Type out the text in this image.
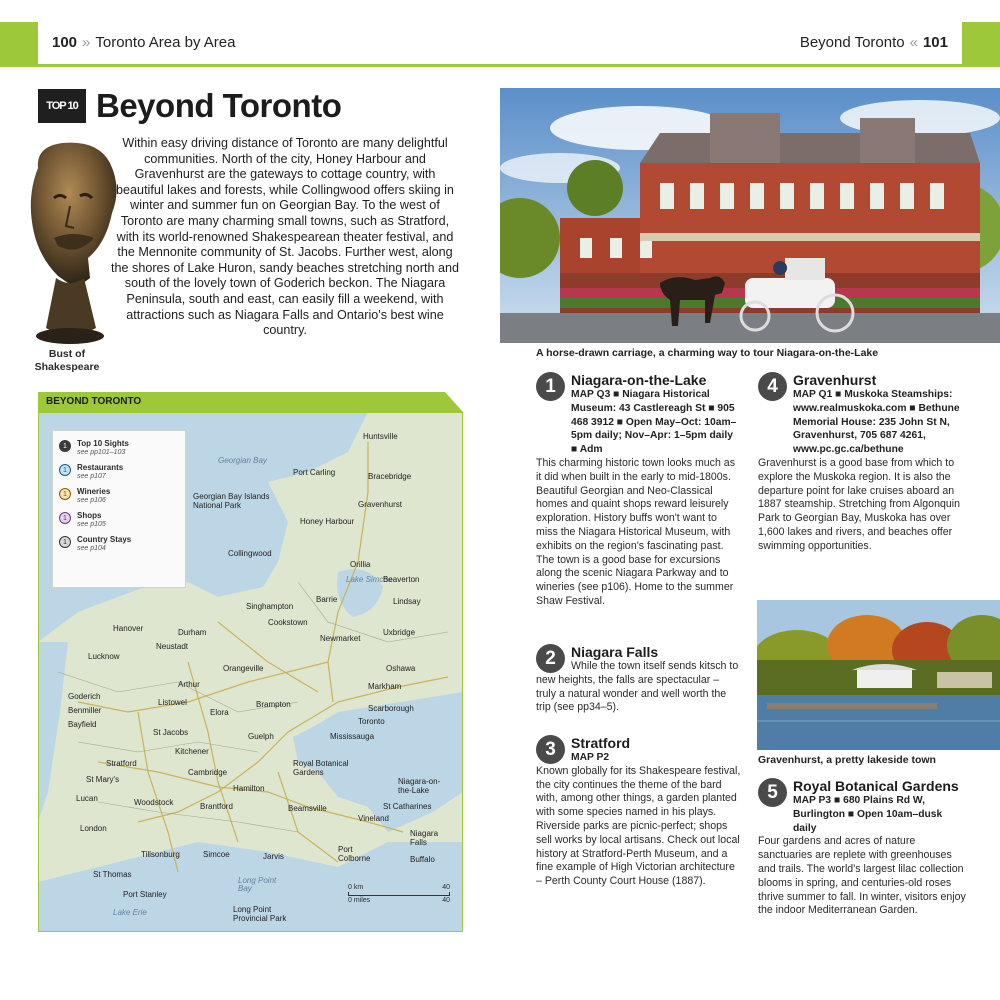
100 » Toronto Area by Area	Beyond Toronto « 101
TOP 10 Beyond Toronto
Bust of Shakespeare

Within easy driving distance of Toronto are many delightful communities. North of the city, Honey Harbour and Gravenhurst are the gateways to cottage country, with beautiful lakes and forests, while Collingwood offers skiing in winter and summer fun on Georgian Bay. To the west of Toronto are many charming small towns, such as Stratford, with its world-renowned Shakespearean theater festival, and the Mennonite community of St. Jacobs. Further west, along the shores of Lake Huron, sandy beaches stretching north and south of the lovely town of Goderich beckon. The Niagara Peninsula, south and east, can easily fill a weekend, with attractions such as Niagara Falls and Ontario's best wine country.

BEYOND TORONTO
Huntsville
Georgian Bay
Port Carling	Bracebridge
Georgian Bay Islands National Park	Gravenhurst
Honey Harbour
Collingwood
Orillia
Lake Simcoe
Beaverton
Singhampton
Barrie	Lindsay
Cookstown
Hanover	Durham
Newmarket
Uxbridge
Lucknow
Neustadt
Orangeville	Oshawa
Arthur	Markham
Goderich
Listowel
Elora
Brampton	Scarborough
Benmiller
Bayfield
St Jacobs
Toronto
Mississauga
Kitchener
Guelph
Stratford	Royal Botanical Gardens
St Mary's
Cambridge
Hamilton
Niagara-on-the-Lake
Lucan	Woodstock	Brantford	Beamsville	St Catharines
Vineland
London
Niagara Falls
Tillsonburg	Simcoe	Jarvis
Port Colborne	Buffalo
St Thomas
Long Point Bay
Port Stanley
Lake Erie	Long Point Provincial Park
1	Top 10 Sights
see pp101–103
1	Restaurants
see p107
1	Wineries
see p106
1	Shops
see p105
1	Country Stays
see p104
0 km	40
0 miles	40
A horse-drawn carriage, a charming way to tour Niagara-on-the-Lake
1	Niagara-on-the-Lake
MAP Q3 ■ Niagara Historical Museum: 43 Castlereagh St ■ 905 468 3912 ■ Open May–Oct: 10am–5pm daily; Nov–Apr: 1–5pm daily ■ Adm
This charming historic town looks much as it did when built in the early to mid-1800s. Beautiful Georgian and Neo-Classical homes and quaint shops reward leisurely exploration. History buffs won't want to miss the Niagara Historical Museum, with exhibits on the region's fascinating past. The town is a good base for excursions along the scenic Niagara Parkway and to wineries (see p106). Home to the summer Shaw Festival.
2	Niagara Falls
While the town itself sends kitsch to new heights, the falls are spectacular – truly a natural wonder and well worth the trip (see pp34–5).
3	Stratford
MAP P2
Known globally for its Shakespeare festival, the city continues the theme of the bard with, among other things, a garden planted with some species named in his plays. Riverside parks are picnic-perfect; shops sell works by local artisans. Check out local history at Stratford-Perth Museum, and a fine example of High Victorian architecture – Perth County Court House (1887).
4	Gravenhurst
MAP Q1 ■ Muskoka Steamships: www.realmuskoka.com ■ Bethune Memorial House: 235 John St N, Gravenhurst, 705 687 4261, www.pc.gc.ca/bethune
Gravenhurst is a good base from which to explore the Muskoka region. It is also the departure point for lake cruises aboard an 1887 steamship. Stretching from Algonquin Park to Georgian Bay, Muskoka has over 1,600 lakes and rivers, and beaches offer swimming opportunities.
Gravenhurst, a pretty lakeside town
5	Royal Botanical Gardens
MAP P3 ■ 680 Plains Rd W, Burlington ■ Open 10am–dusk daily
Four gardens and acres of nature sanctuaries are replete with greenhouses and trails. The world's largest lilac collection blooms in spring, and centuries-old roses thrive summer to fall. In winter, visitors enjoy the indoor Mediterranean Garden.
